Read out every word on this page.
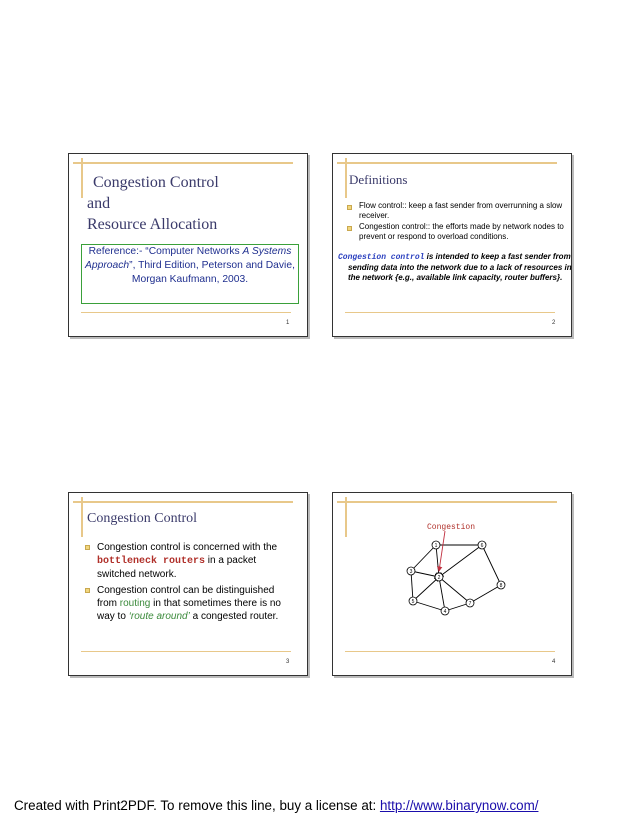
Congestion Control
and
Resource Allocation
Reference:- “Computer Networks A Systems Approach”, Third Edition, Peterson and Davie,
Morgan Kaufmann, 2003.
1
Definitions
Flow control:: keep a fast sender from overrunning a slow receiver.
Congestion control:: the efforts made by network nodes to prevent or respond to overload conditions.
Congestion control is intended to keep a fast sender from sending data into the network due to a lack of resources in the network {e.g., available link capacity, router buffers}.
2
Congestion Control
Congestion control is concerned with the bottleneck routers in a packet switched network.
Congestion control can be distinguished from routing in that sometimes there is no way to ‘route around’ a congested router.
3
Congestion
1
2
3
4
5
6
7
8
4
Created with Print2PDF. To remove this line, buy a license at: http://www.binarynow.com/
